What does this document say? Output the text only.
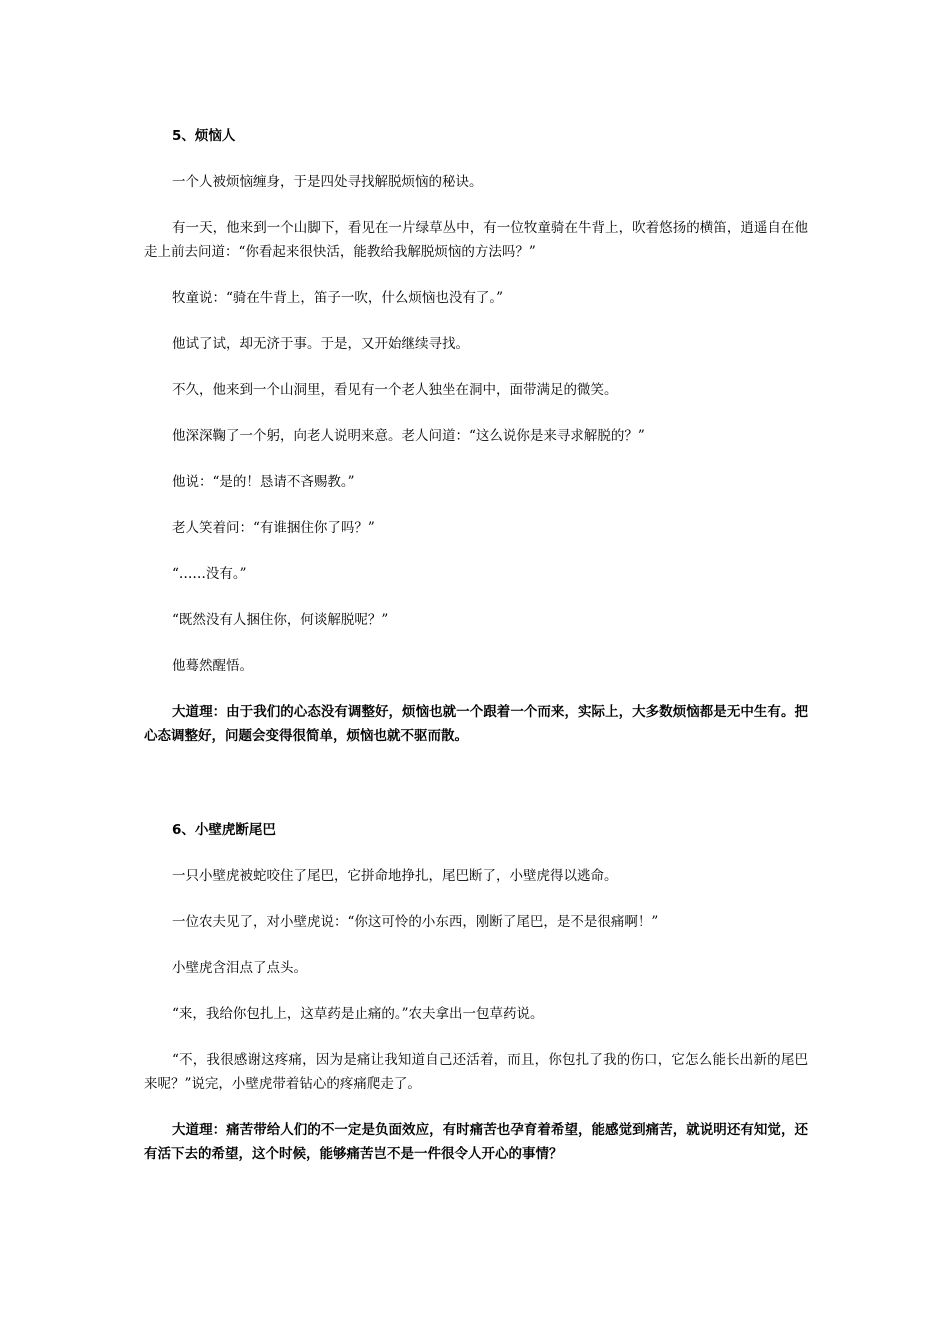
5、烦恼人

一个人被烦恼缠身，于是四处寻找解脱烦恼的秘诀。

有一天，他来到一个山脚下，看见在一片绿草丛中，有一位牧童骑在牛背上，吹着悠扬的横笛，逍遥自在他走上前去问道：“你看起来很快活，能教给我解脱烦恼的方法吗？”

牧童说：“骑在牛背上，笛子一吹，什么烦恼也没有了。”

他试了试，却无济于事。于是，又开始继续寻找。

不久，他来到一个山洞里，看见有一个老人独坐在洞中，面带满足的微笑。

他深深鞠了一个躬，向老人说明来意。老人问道：“这么说你是来寻求解脱的？”

他说：“是的！恳请不吝赐教。”

老人笑着问：“有谁捆住你了吗？”

“……没有。”

“既然没有人捆住你，何谈解脱呢？”

他蓦然醒悟。

大道理：由于我们的心态没有调整好，烦恼也就一个跟着一个而来，实际上，大多数烦恼都是无中生有。把心态调整好，问题会变得很简单，烦恼也就不驱而散。

6、小壁虎断尾巴

一只小壁虎被蛇咬住了尾巴，它拼命地挣扎，尾巴断了，小壁虎得以逃命。

一位农夫见了，对小壁虎说：“你这可怜的小东西，刚断了尾巴，是不是很痛啊！”

小壁虎含泪点了点头。

“来，我给你包扎上，这草药是止痛的。”农夫拿出一包草药说。

“不，我很感谢这疼痛，因为是痛让我知道自己还活着，而且，你包扎了我的伤口，它怎么能长出新的尾巴来呢？”说完，小壁虎带着钻心的疼痛爬走了。

大道理：痛苦带给人们的不一定是负面效应，有时痛苦也孕育着希望，能感觉到痛苦，就说明还有知觉，还有活下去的希望，这个时候，能够痛苦岂不是一件很令人开心的事情？
